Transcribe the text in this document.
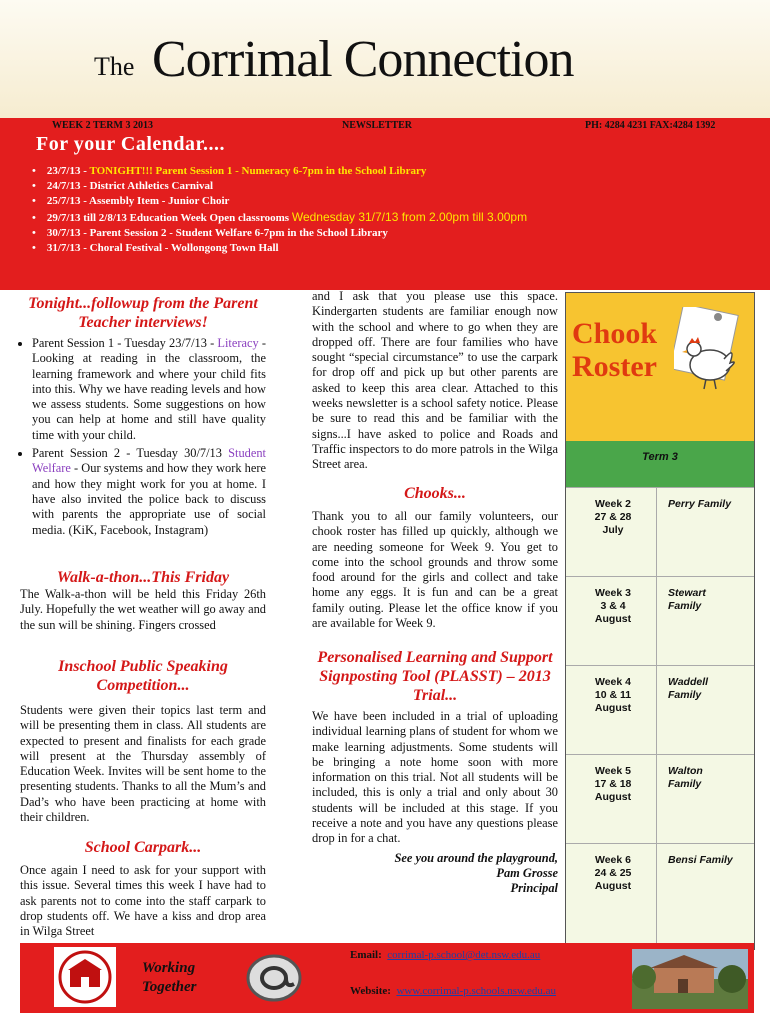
The Corrimal Connection
WEEK 2 TERM 3 2013	NEWSLETTER	PH: 4284 4231 FAX:4284 1392
For your Calendar....
• 23/7/13 - TONIGHT!!! Parent Session 1 - Numeracy 6-7pm in the School Library
• 24/7/13 - District Athletics Carnival
• 25/7/13 - Assembly Item - Junior Choir
• 29/7/13 till 2/8/13 Education Week Open classrooms Wednesday 31/7/13 from 2.00pm till 3.00pm
• 30/7/13 - Parent Session 2 - Student Welfare 6-7pm in the School Library
• 31/7/13 - Choral Festival - Wollongong Town Hall
Tonight...followup from the Parent Teacher interviews!
• Parent Session 1 - Tuesday 23/7/13 - Literacy - Looking at reading in the classroom, the learning framework and where your child fits into this. Why we have reading levels and how we assess students. Some suggestions on how you can help at home and still have quality time with your child.
• Parent Session 2 - Tuesday 30/7/13 Student Welfare - Our systems and how they work here and how they might work for you at home. I have also invited the police back to discuss with parents the appropriate use of social media. (KiK, Facebook, Instagram)
Walk-a-thon...This Friday

The Walk-a-thon will be held this Friday 26th July. Hopefully the wet weather will go away and the sun will be shining. Fingers crossed

Inschool Public Speaking Competition...

Students were given their topics last term and will be presenting them in class. All students are expected to present and finalists for each grade will present at the Thursday assembly of Education Week. Invites will be sent home to the presenting students. Thanks to all the Mum’s and Dad’s who have been practicing at home with their children.

School Carpark...

Once again I need to ask for your support with this issue. Several times this week I have had to ask parents not to come into the staff carpark to drop students off. We have a kiss and drop area in Wilga Street

and I ask that you please use this space. Kindergarten students are familiar enough now with the school and where to go when they are dropped off. There are four families who have sought “special circumstance” to use the carpark for drop off and pick up but other parents are asked to keep this area clear. Attached to this weeks newsletter is a school safety notice. Please be sure to read this and be familiar with the signs...I have asked to police and Roads and Traffic inspectors to do more patrols in the Wilga Street area.

Chooks...

Thank you to all our family volunteers, our chook roster has filled up quickly, although we are needing someone for Week 9. You get to come into the school grounds and throw some food around for the girls and collect and take home any eggs. It is fun and can be a great family outing. Please let the office know if you are available for Week 9.

Personalised Learning and Support Signposting Tool (PLASST) – 2013 Trial...

We have been included in a trial of uploading individual learning plans of student for whom we make learning adjustments. Some students will be bringing a note home soon with more information on this trial. Not all students will be included, this is only a trial and only about 30 students will be included at this stage. If you receive a note and you have any questions please drop in for a chat.

See you around the playground,

Pam Grosse

Principal

Chook
Roster
Term 3
Week 2
27 & 28
July
Perry Family
Week 3
3 & 4
August
Stewart
Family
Week 4
10 & 11
August
Waddell
Family
Week 5
17 & 18
August
Walton
Family
Week 6
24 & 25
August
Bensi Family
Working
Together
Email: corrimal-p.school@det.nsw.edu.au
Website: www.corrimal-p.schools.nsw.edu.au
